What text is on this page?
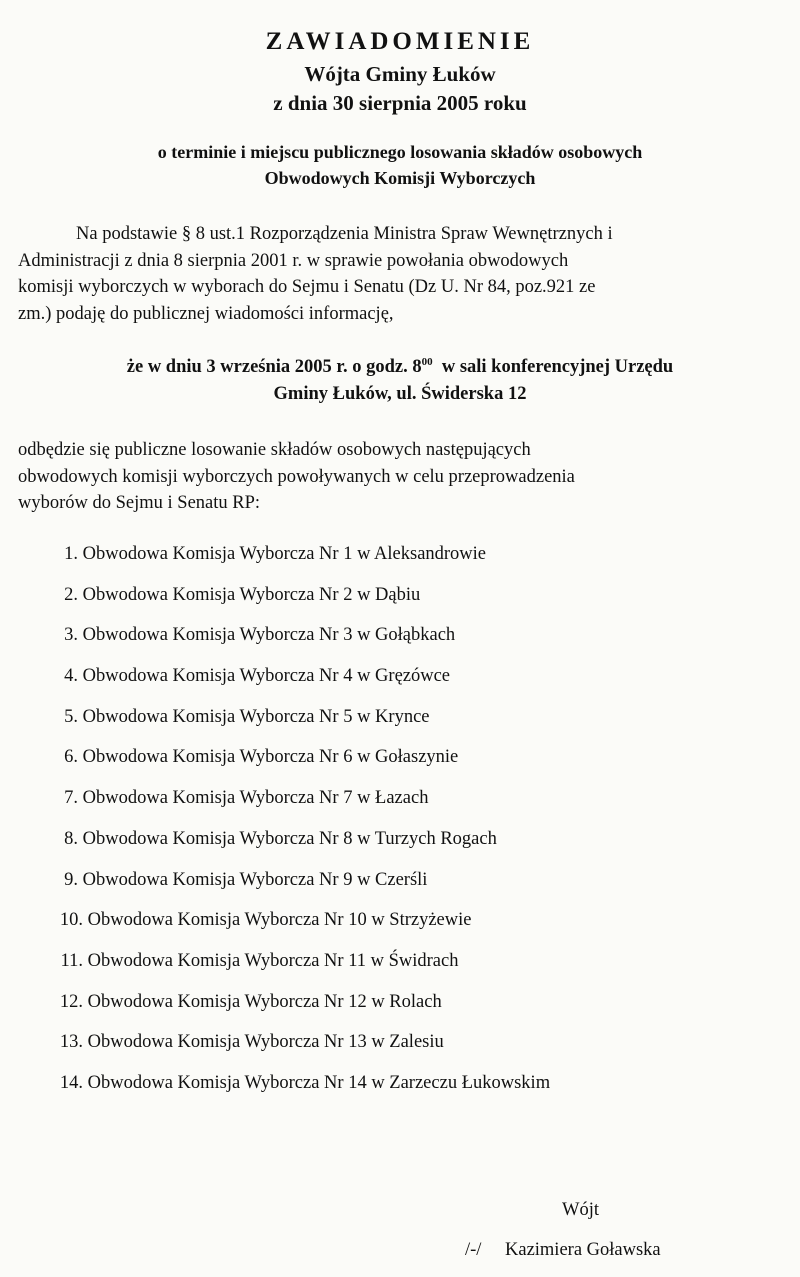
ZAWIADOMIENIE
Wójta Gminy Łuków
z dnia 30 sierpnia 2005 roku
o terminie i miejscu publicznego losowania składów osobowych
Obwodowych Komisji Wyborczych
Na podstawie § 8 ust.1 Rozporządzenia Ministra Spraw Wewnętrznych i
Administracji z dnia 8 sierpnia 2001 r. w sprawie powołania obwodowych
komisji wyborczych w wyborach do Sejmu i Senatu (Dz U. Nr 84, poz.921 ze
zm.) podaję do publicznej wiadomości informację,
że w dniu 3 września 2005 r. o godz. $8^{00}$  w sali konferencyjnej Urzędu
Gminy Łuków, ul. Świderska 12
odbędzie się publiczne losowanie składów osobowych następujących
obwodowych komisji wyborczych powoływanych w celu przeprowadzenia
wyborów do Sejmu i Senatu RP:
1. Obwodowa Komisja Wyborcza Nr 1 w Aleksandrowie
2. Obwodowa Komisja Wyborcza Nr 2 w Dąbiu
3. Obwodowa Komisja Wyborcza Nr 3 w Gołąbkach
4. Obwodowa Komisja Wyborcza Nr 4 w Gręzówce
5. Obwodowa Komisja Wyborcza Nr 5 w Krynce
6. Obwodowa Komisja Wyborcza Nr 6 w Gołaszynie
7. Obwodowa Komisja Wyborcza Nr 7 w Łazach
8. Obwodowa Komisja Wyborcza Nr 8 w Turzych Rogach
9. Obwodowa Komisja Wyborcza Nr 9 w Czerśli
10. Obwodowa Komisja Wyborcza Nr 10 w Strzyżewie
11. Obwodowa Komisja Wyborcza Nr 11 w Świdrach
12. Obwodowa Komisja Wyborcza Nr 12 w Rolach
13. Obwodowa Komisja Wyborcza Nr 13 w Zalesiu
14. Obwodowa Komisja Wyborcza Nr 14 w Zarzeczu Łukowskim
Wójt
/-/ Kazimiera Goławska
